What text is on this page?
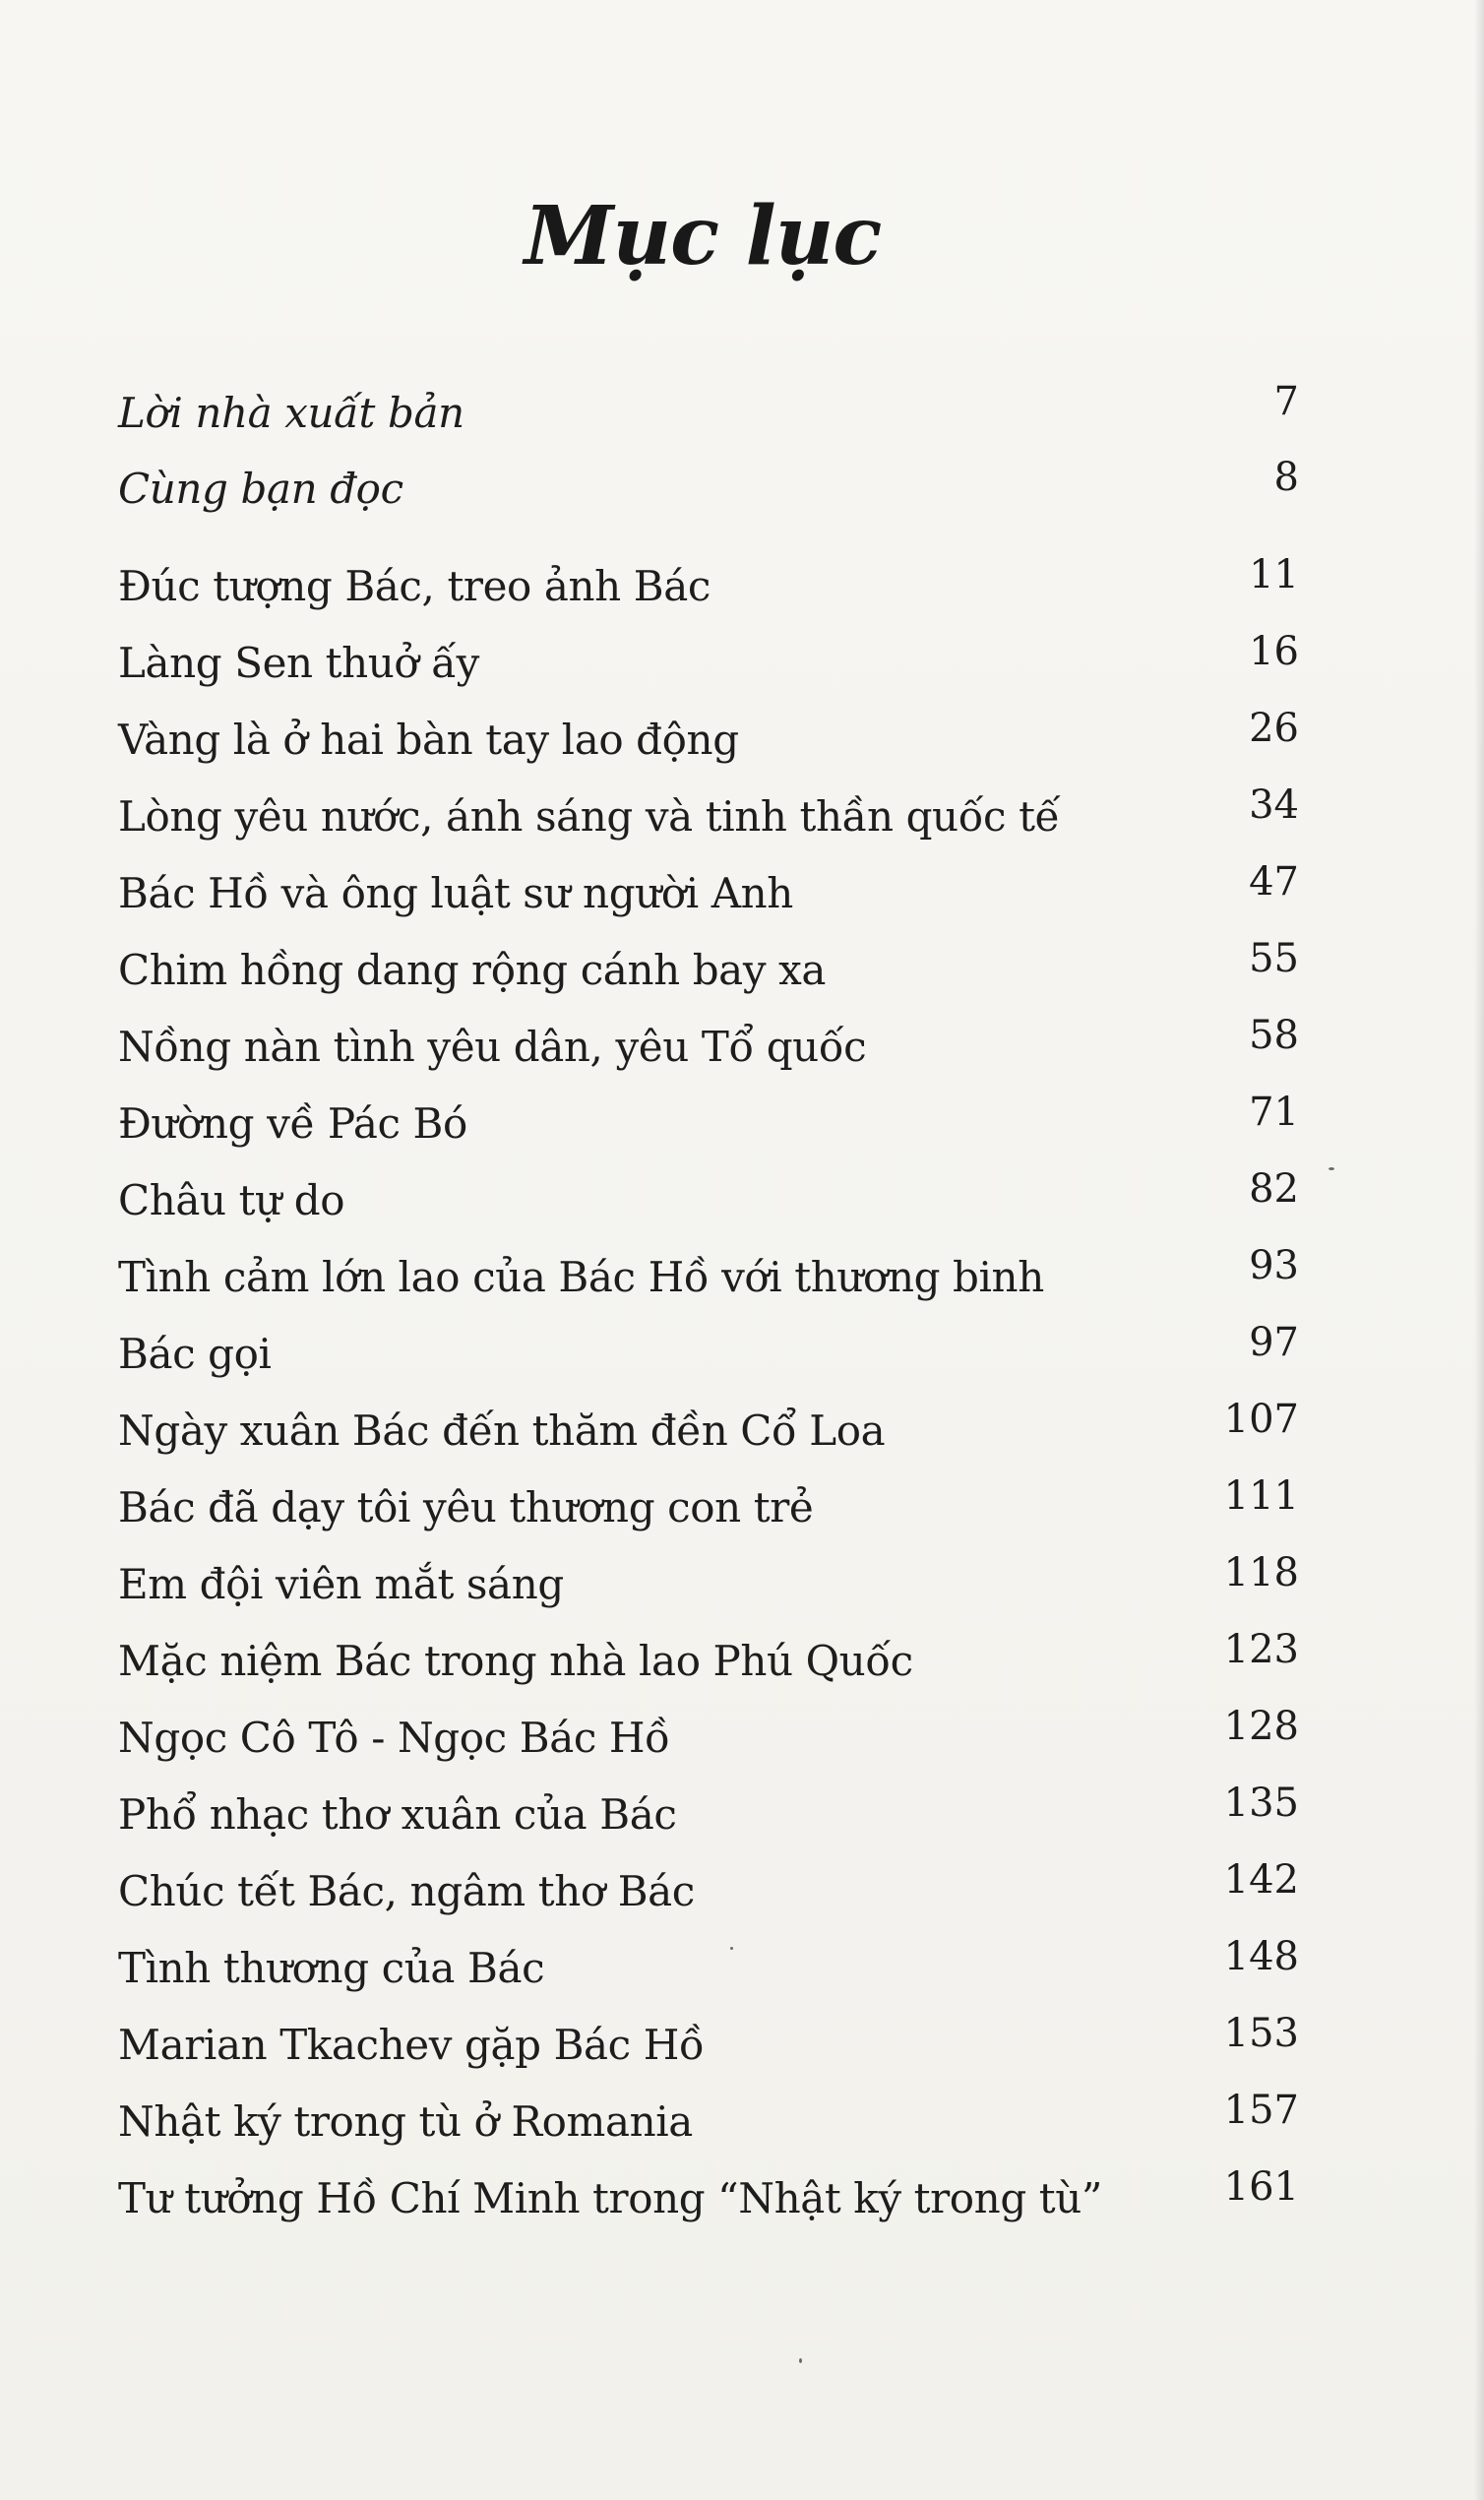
Mục lục
Lời nhà xuất bản	7
Cùng bạn đọc	8
Đúc tượng Bác, treo ảnh Bác	11
Làng Sen thuở ấy	16
Vàng là ở hai bàn tay lao động	26
Lòng yêu nước, ánh sáng và tinh thần quốc tế	34
Bác Hồ và ông luật sư người Anh	47
Chim hồng dang rộng cánh bay xa	55
Nồng nàn tình yêu dân, yêu Tổ quốc	58
Đường về Pác Bó	71
Châu tự do	82
Tình cảm lớn lao của Bác Hồ với thương binh	93
Bác gọi	97
Ngày xuân Bác đến thăm đền Cổ Loa	107
Bác đã dạy tôi yêu thương con trẻ	111
Em đội viên mắt sáng	118
Mặc niệm Bác trong nhà lao Phú Quốc	123
Ngọc Cô Tô - Ngọc Bác Hồ	128
Phổ nhạc thơ xuân của Bác	135
Chúc tết Bác, ngâm thơ Bác	142
Tình thương của Bác	148
Marian Tkachev gặp Bác Hồ	153
Nhật ký trong tù ở Romania	157
Tư tưởng Hồ Chí Minh trong “Nhật ký trong tù”	161
